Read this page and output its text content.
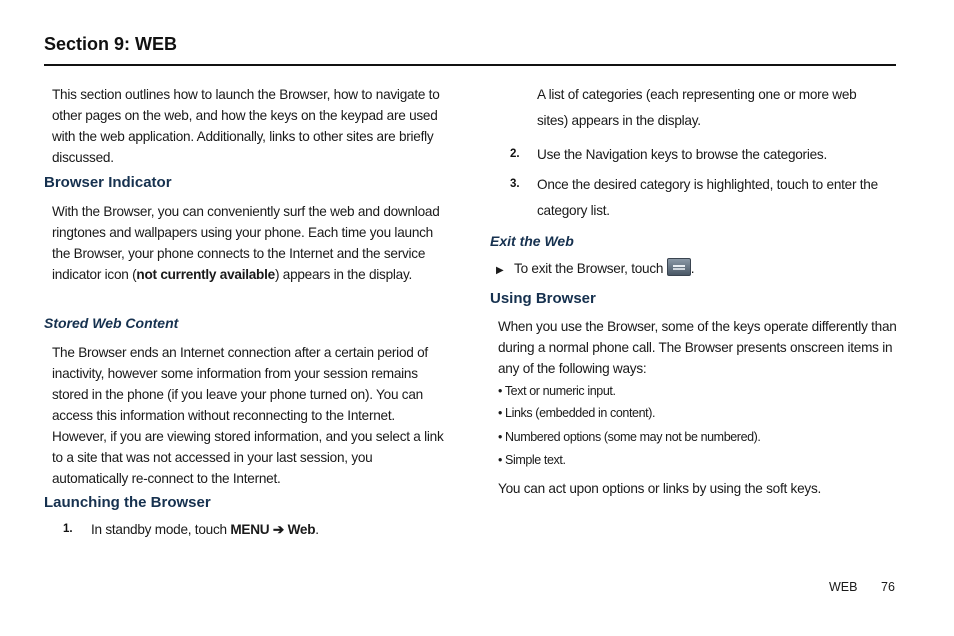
Section 9: WEB
This section outlines how to launch the Browser, how to navigate to other pages on the web, and how the keys on the keypad are used with the web application. Additionally, links to other sites are briefly discussed.
Browser Indicator
With the Browser, you can conveniently surf the web and download ringtones and wallpapers using your phone. Each time you launch the Browser, your phone connects to the Internet and the service indicator icon (not currently available) appears in the display.
Stored Web Content
The Browser ends an Internet connection after a certain period of inactivity, however some information from your session remains stored in the phone (if you leave your phone turned on). You can access this information without reconnecting to the Internet. However, if you are viewing stored information, and you select a link to a site that was not accessed in your last session, you automatically re-connect to the Internet.
Launching the Browser
1. In standby mode, touch MENU ➔ Web.
A list of categories (each representing one or more web sites) appears in the display.
2. Use the Navigation keys to browse the categories.
3. Once the desired category is highlighted, touch to enter the category list.
Exit the Web
▶ To exit the Browser, touch .
Using Browser
When you use the Browser, some of the keys operate differently than during a normal phone call. The Browser presents onscreen items in any of the following ways:
• Text or numeric input.
• Links (embedded in content).
• Numbered options (some may not be numbered).
• Simple text.
You can act upon options or links by using the soft keys.
WEB 76
